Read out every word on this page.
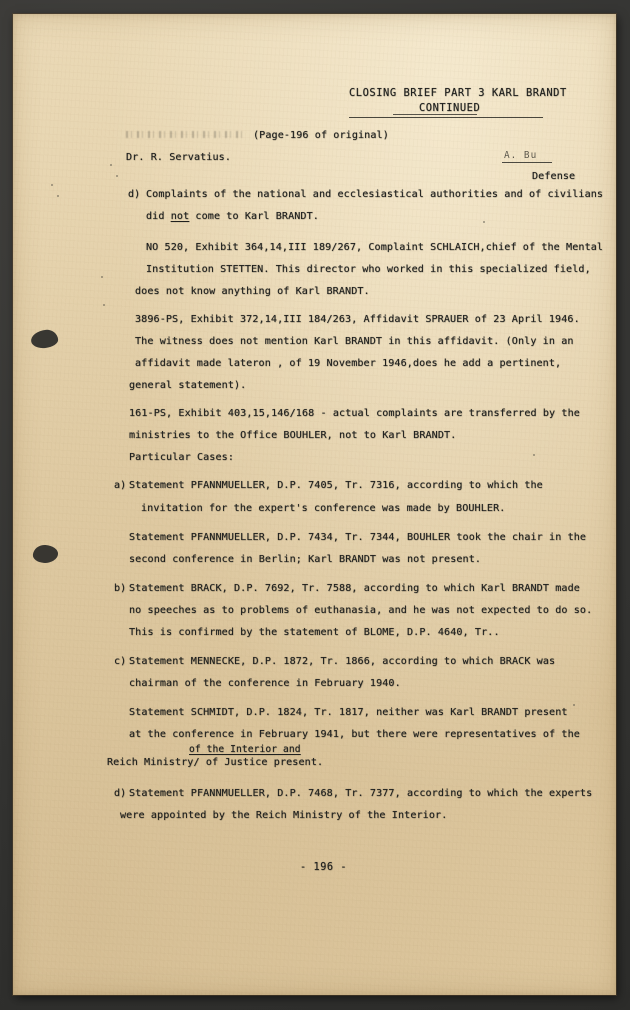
CLOSING BRIEF PART 3 KARL BRANDT
CONTINUED
(Page-196 of original)
Dr. R. Servatius.
Defense
d) Complaints of the national and ecclesiastical authorities and of civilians
did not come to Karl BRANDT.
NO 520, Exhibit 364,14,III 189/267, Complaint SCHLAICH,chief of the Mental
Institution STETTEN. This director who worked in this specialized field,
does not know anything of Karl BRANDT.
3896-PS, Exhibit 372,14,III 184/263, Affidavit SPRAUER of 23 April 1946.
The witness does not mention Karl BRANDT in this affidavit. (Only in an
affidavit made lateron , of 19 November 1946,does he add a pertinent,
general statement).
161-PS, Exhibit 403,15,146/168 - actual complaints are transferred by the
ministries to the Office BOUHLER, not to Karl BRANDT.
Particular Cases:
a) Statement PFANNMUELLER, D.P. 7405, Tr. 7316, according to which the
invitation for the expert's conference was made by BOUHLER.
Statement PFANNMUELLER, D.P. 7434, Tr. 7344, BOUHLER took the chair in the
second conference in Berlin; Karl BRANDT was not present.
b) Statement BRACK, D.P. 7692, Tr. 7588, according to which Karl BRANDT made
no speeches as to problems of euthanasia, and he was not expected to do so.
This is confirmed by the statement of BLOME, D.P. 4640, Tr..
c) Statement MENNECKE, D.P. 1872, Tr. 1866, according to which BRACK was
chairman of the conference in February 1940.
Statement SCHMIDT, D.P. 1824, Tr. 1817, neither was Karl BRANDT present
at the conference in February 1941, but there were representatives of the
of the Interior and
Reich Ministry/ of Justice present.
d) Statement PFANNMUELLER, D.P. 7468, Tr. 7377, according to which the experts
were appointed by the Reich Ministry of the Interior.
- 196 -
A. Bu
